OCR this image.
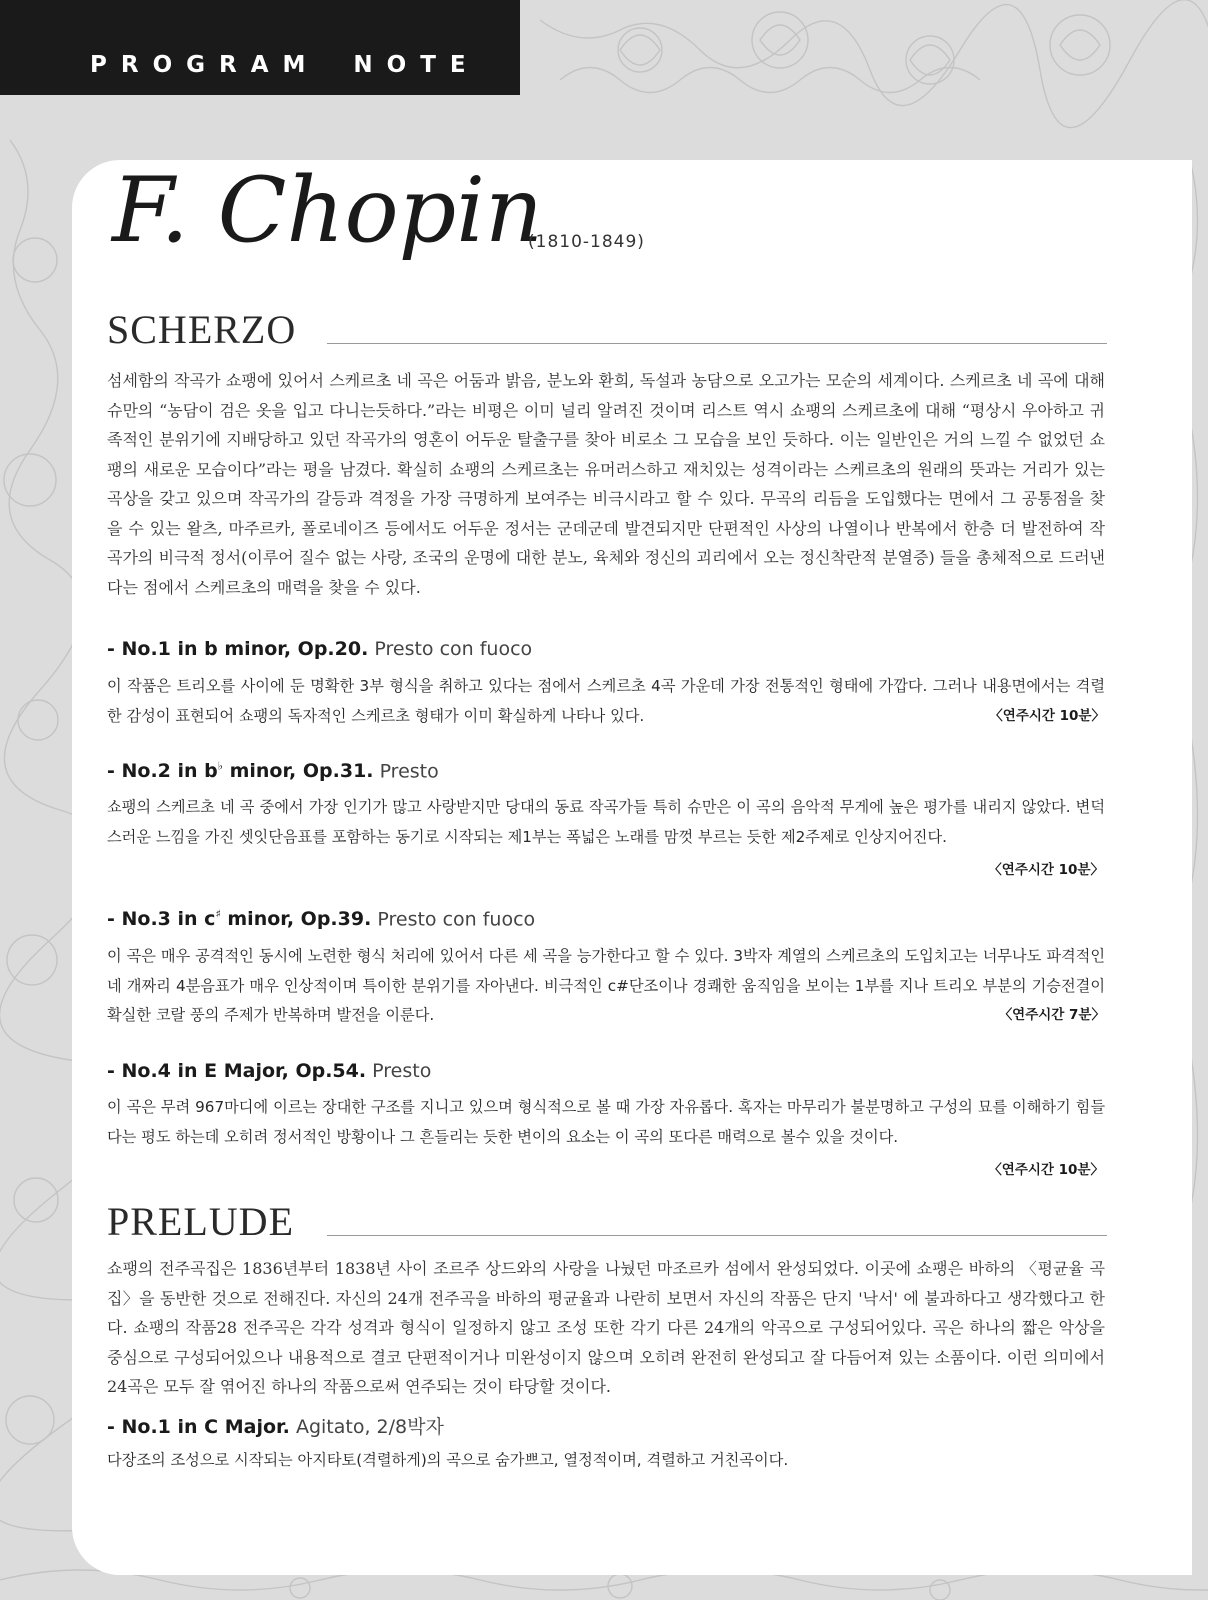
PROGRAM NOTE
F. Chopin
(1810-1849)
SCHERZO

섬세함의 작곡가 쇼팽에 있어서 스케르초 네 곡은 어둠과 밝음, 분노와 환희, 독설과 농담으로 오고가는 모순의 세계이다. 스케르초 네 곡에 대해 슈만의 “농담이 검은 옷을 입고 다니는듯하다.”라는 비평은 이미 널리 알려진 것이며 리스트 역시 쇼팽의 스케르초에 대해 “평상시 우아하고 귀족적인 분위기에 지배당하고 있던 작곡가의 영혼이 어두운 탈출구를 찾아 비로소 그 모습을 보인 듯하다. 이는 일반인은 거의 느낄 수 없었던 쇼팽의 새로운 모습이다”라는 평을 남겼다. 확실히 쇼팽의 스케르초는 유머러스하고 재치있는 성격이라는 스케르초의 원래의 뜻과는 거리가 있는 곡상을 갖고 있으며 작곡가의 갈등과 격정을 가장 극명하게 보여주는 비극시라고 할 수 있다. 무곡의 리듬을 도입했다는 면에서 그 공통점을 찾을 수 있는 왈츠, 마주르카, 폴로네이즈 등에서도 어두운 정서는 군데군데 발견되지만 단편적인 사상의 나열이나 반복에서 한층 더 발전하여 작곡가의 비극적 정서(이루어 질수 없는 사랑, 조국의 운명에 대한 분노, 육체와 정신의 괴리에서 오는 정신착란적 분열증) 들을 총체적으로 드러낸다는 점에서 스케르초의 매력을 찾을 수 있다.

- No.1 in b minor, Op.20. Presto con fuoco

이 작품은 트리오를 사이에 둔 명확한 3부 형식을 취하고 있다는 점에서 스케르초 4곡 가운데 가장 전통적인 형태에 가깝다. 그러나 내용면에서는 격렬한 감성이 표현되어 쇼팽의 독자적인 스케르초 형태가 이미 확실하게 나타나 있다.	〈연주시간 10분〉

- No.2 in b♭ minor, Op.31. Presto

쇼팽의 스케르초 네 곡 중에서 가장 인기가 많고 사랑받지만 당대의 동료 작곡가들 특히 슈만은 이 곡의 음악적 무게에 높은 평가를 내리지 않았다. 변덕스러운 느낌을 가진 셋잇단음표를 포함하는 동기로 시작되는 제1부는 폭넓은 노래를 맘껏 부르는 듯한 제2주제로 인상지어진다.

〈연주시간 10분〉
- No.3 in c♯ minor, Op.39. Presto con fuoco

이 곡은 매우 공격적인 동시에 노련한 형식 처리에 있어서 다른 세 곡을 능가한다고 할 수 있다. 3박자 계열의 스케르초의 도입치고는 너무나도 파격적인 네 개짜리 4분음표가 매우 인상적이며 특이한 분위기를 자아낸다. 비극적인 c#단조이나 경쾌한 움직임을 보이는 1부를 지나 트리오 부분의 기승전결이 확실한 코랄 풍의 주제가 반복하며 발전을 이룬다.	〈연주시간 7분〉

- No.4 in E Major, Op.54. Presto

이 곡은 무려 967마디에 이르는 장대한 구조를 지니고 있으며 형식적으로 볼 때 가장 자유롭다. 혹자는 마무리가 불분명하고 구성의 묘를 이해하기 힘들다는 평도 하는데 오히려 정서적인 방황이나 그 흔들리는 듯한 변이의 요소는 이 곡의 또다른 매력으로 볼수 있을 것이다.

〈연주시간 10분〉
PRELUDE

쇼팽의 전주곡집은 1836년부터 1838년 사이 조르주 상드와의 사랑을 나눴던 마조르카 섬에서 완성되었다. 이곳에 쇼팽은 바하의 〈평균율 곡집〉을 동반한 것으로 전해진다. 자신의 24개 전주곡을 바하의 평균율과 나란히 보면서 자신의 작품은 단지 '낙서' 에 불과하다고 생각했다고 한다. 쇼팽의 작품28 전주곡은 각각 성격과 형식이 일정하지 않고 조성 또한 각기 다른 24개의 악곡으로 구성되어있다. 곡은 하나의 짧은 악상을 중심으로 구성되어있으나 내용적으로 결코 단편적이거나 미완성이지 않으며 오히려 완전히 완성되고 잘 다듬어져 있는 소품이다. 이런 의미에서 24곡은 모두 잘 엮어진 하나의 작품으로써 연주되는 것이 타당할 것이다.

- No.1 in C Major. Agitato, 2/8박자

다장조의 조성으로 시작되는 아지타토(격렬하게)의 곡으로 숨가쁘고, 열정적이며, 격렬하고 거친곡이다.
